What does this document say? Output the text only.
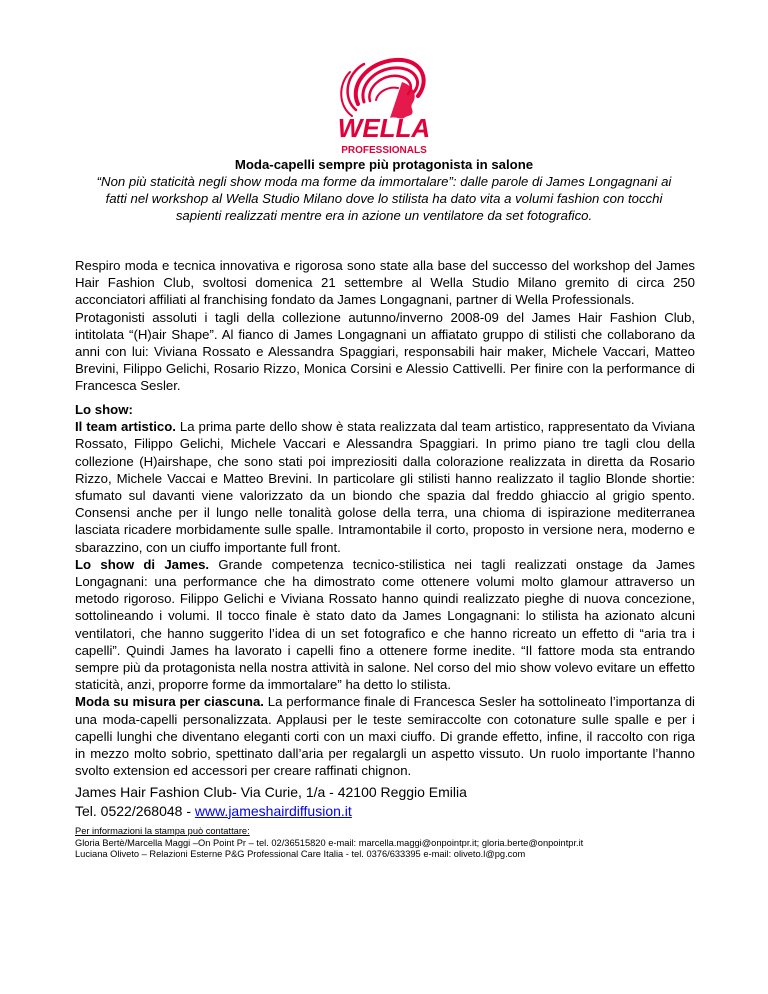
WELLA
PROFESSIONALS
Moda-capelli sempre più protagonista in salone
“Non più staticità negli show moda ma forme da immortalare”: dalle parole di James Longagnani ai fatti nel workshop al Wella Studio Milano dove lo stilista ha dato vita a volumi fashion con tocchi sapienti realizzati mentre era in azione un ventilatore da set fotografico.

Respiro moda e tecnica innovativa e rigorosa sono state alla base del successo del workshop del James Hair Fashion Club, svoltosi domenica 21 settembre al Wella Studio Milano gremito di circa 250 acconciatori affiliati al franchising fondato da James Longagnani, partner di Wella Professionals.

Protagonisti assoluti i tagli della collezione autunno/inverno 2008-09 del James Hair Fashion Club, intitolata “(H)air Shape”. Al fianco di James Longagnani un affiatato gruppo di stilisti che collaborano da anni con lui: Viviana Rossato e Alessandra Spaggiari, responsabili hair maker, Michele Vaccari, Matteo Brevini, Filippo Gelichi, Rosario Rizzo, Monica Corsini e Alessio Cattivelli. Per finire con la performance di Francesca Sesler.

Lo show:

Il team artistico. La prima parte dello show è stata realizzata dal team artistico, rappresentato da Viviana Rossato, Filippo Gelichi, Michele Vaccari e Alessandra Spaggiari. In primo piano tre tagli clou della collezione (H)airshape, che sono stati poi impreziositi dalla colorazione realizzata in diretta da Rosario Rizzo, Michele Vaccai e Matteo Brevini. In particolare gli stilisti hanno realizzato il taglio Blonde shortie: sfumato sul davanti viene valorizzato da un biondo che spazia dal freddo ghiaccio al grigio spento. Consensi anche per il lungo nelle tonalità golose della terra, una chioma di ispirazione mediterranea lasciata ricadere morbidamente sulle spalle. Intramontabile il corto, proposto in versione nera, moderno e sbarazzino, con un ciuffo importante full front.

Lo show di James. Grande competenza tecnico-stilistica nei tagli realizzati onstage da James Longagnani: una performance che ha dimostrato come ottenere volumi molto glamour attraverso un metodo rigoroso. Filippo Gelichi e Viviana Rossato hanno quindi realizzato pieghe di nuova concezione, sottolineando i volumi. Il tocco finale è stato dato da James Longagnani: lo stilista ha azionato alcuni ventilatori, che hanno suggerito l’idea di un set fotografico e che hanno ricreato un effetto di “aria tra i capelli”. Quindi James ha lavorato i capelli fino a ottenere forme inedite. “Il fattore moda sta entrando sempre più da protagonista nella nostra attività in salone. Nel corso del mio show volevo evitare un effetto staticità, anzi, proporre forme da immortalare” ha detto lo stilista.

Moda su misura per ciascuna. La performance finale di Francesca Sesler ha sottolineato l’importanza di una moda-capelli personalizzata. Applausi per le teste semiraccolte con cotonature sulle spalle e per i capelli lunghi che diventano eleganti corti con un maxi ciuffo. Di grande effetto, infine, il raccolto con riga in mezzo molto sobrio, spettinato dall’aria per regalargli un aspetto vissuto. Un ruolo importante l’hanno svolto extension ed accessori per creare raffinati chignon.

James Hair Fashion Club- Via Curie, 1/a - 42100 Reggio Emilia
Tel. 0522/268048 - www.jameshairdiffusion.it
Per informazioni la stampa può contattare:
Gloria Bertè/Marcella Maggi –On Point Pr – tel. 02/36515820 e-mail: marcella.maggi@onpointpr.it; gloria.berte@onpointpr.it
Luciana Oliveto – Relazioni Esterne P&G Professional Care Italia - tel. 0376/633395 e-mail: oliveto.l@pg.com
